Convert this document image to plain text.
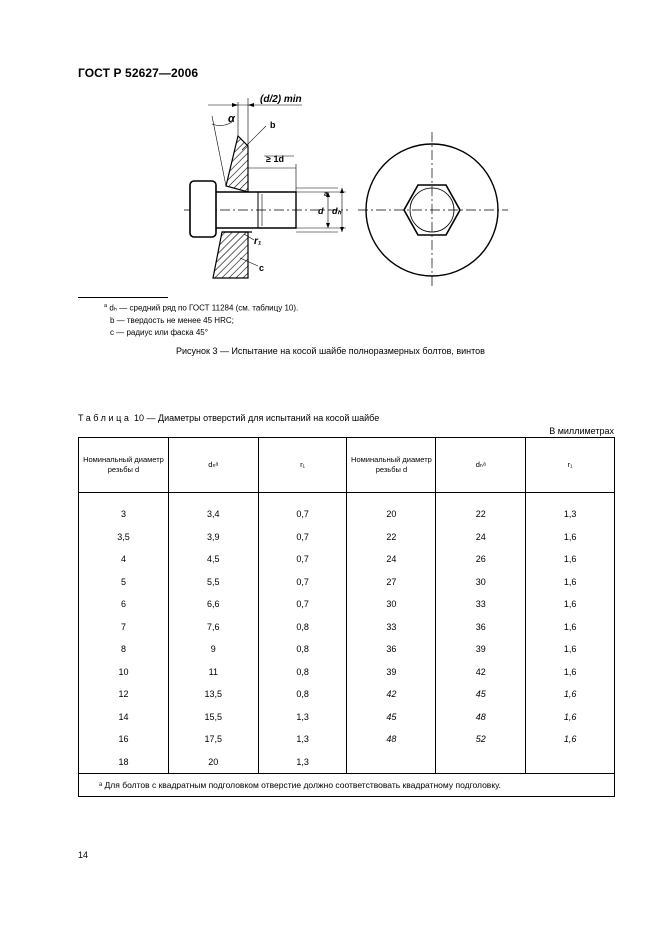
ГОСТ Р 52627—2006
(d/2) min
α	b
≥ 1d
d dₕ
a
r₁
c
$^a$ dₕ — средний ряд по ГОСТ 11284 (см. таблицу 10).
b — твердость не менее 45 HRC;
c — радиус или фаска 45°
Рисунок 3 — Испытание на косой шайбе полноразмерных болтов, винтов
Таблица 10 — Диаметры отверстий для испытаний на косой шайбе
В миллиметрах
Номинальный диаметр резьбы d	dₕᵃ	r₁	Номинальный диаметр резьбы d	dₕᵃ	r₁
3	3,4	0,7	20	22	1,3
3,5	3,9	0,7	22	24	1,6
4	4,5	0,7	24	26	1,6
5	5,5	0,7	27	30	1,6
6	6,6	0,7	30	33	1,6
7	7,6	0,8	33	36	1,6
8	9	0,8	36	39	1,6
10	11	0,8	39	42	1,6
12	13,5	0,8	42	45	1,6
14	15,5	1,3	45	48	1,6
16	17,5	1,3	48	52	1,6
18	20	1,3			
ᵃ Для болтов с квадратным подголовком отверстие должно соответствовать квадратному подголовку.					
14
